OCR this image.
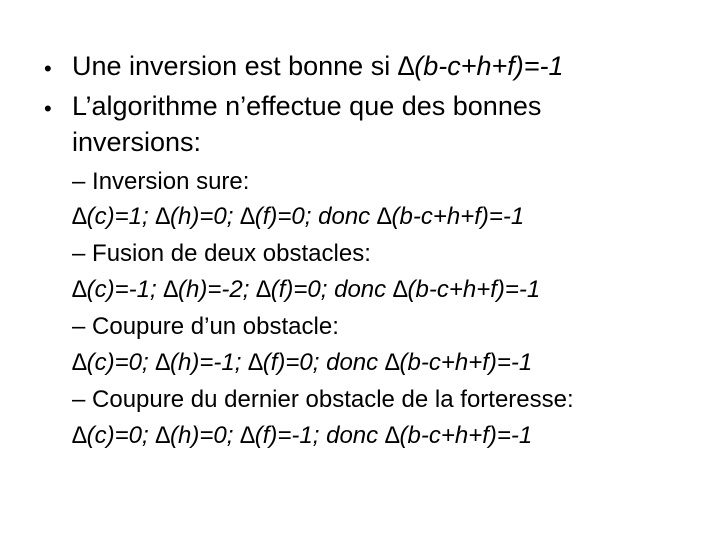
• Une inversion est bonne si ∆(b-c+h+f)=-1
• L’algorithme n’effectue que des bonnes
inversions:
– Inversion sure:
∆(c)=1; ∆(h)=0; ∆(f)=0; donc ∆(b-c+h+f)=-1
– Fusion de deux obstacles:
∆(c)=-1; ∆(h)=-2; ∆(f)=0; donc ∆(b-c+h+f)=-1
– Coupure d’un obstacle:
∆(c)=0; ∆(h)=-1; ∆(f)=0; donc ∆(b-c+h+f)=-1
– Coupure du dernier obstacle de la forteresse:
∆(c)=0; ∆(h)=0; ∆(f)=-1; donc ∆(b-c+h+f)=-1
